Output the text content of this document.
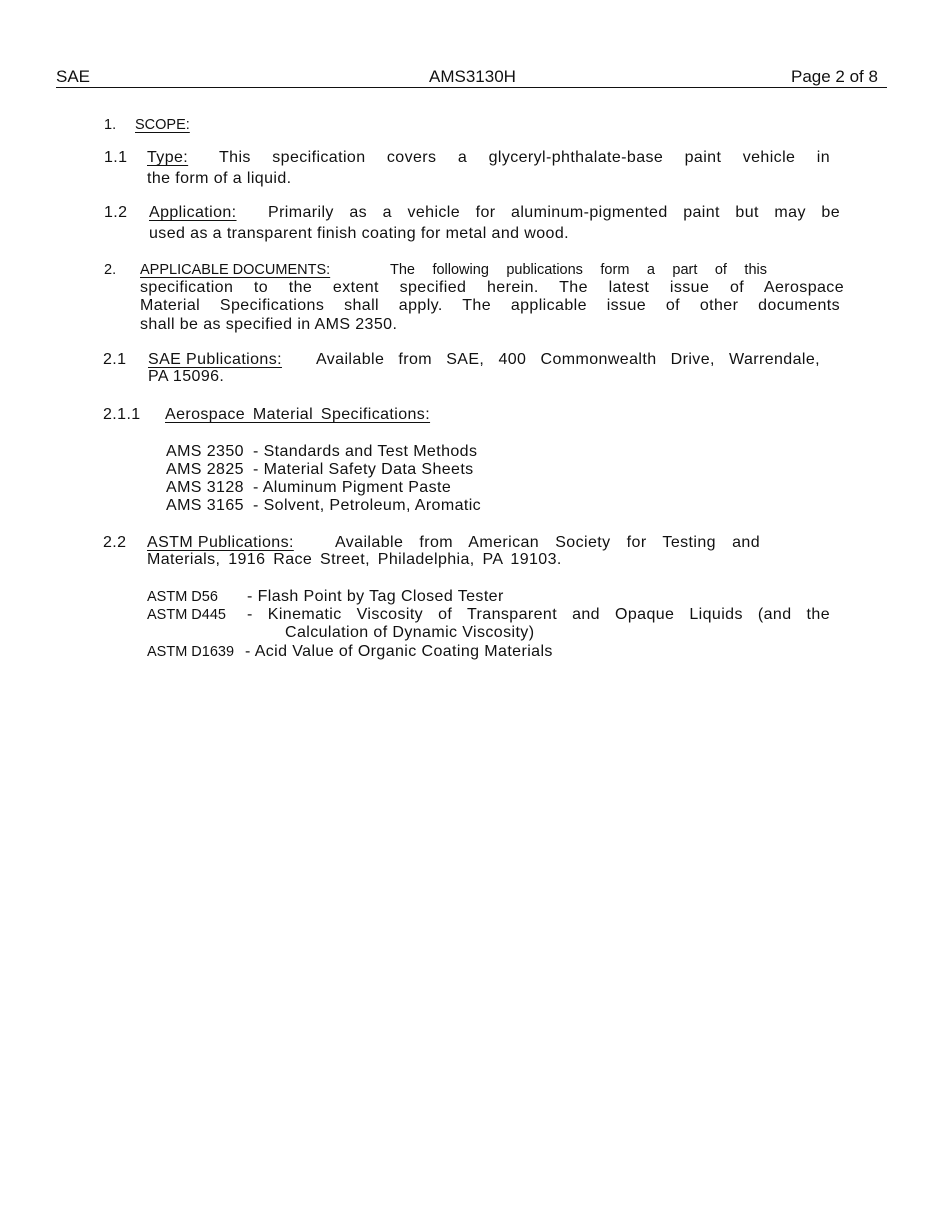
SAE	AMS3130H	Page 2 of 8
1. SCOPE:
1.1 Type: This specification covers a glyceryl-phthalate-base paint vehicle in
the form of a liquid.
1.2 Application: Primarily as a vehicle for aluminum-pigmented paint but may be
used as a transparent finish coating for metal and wood.
2. APPLICABLE DOCUMENTS:	The following publications form a part of this
specification to the extent specified herein. The latest issue of Aerospace
Material Specifications shall apply. The applicable issue of other documents
shall be as specified in AMS 2350.
2.1 SAE Publications: Available from SAE, 400 Commonwealth Drive, Warrendale,
PA 15096.
2.1.1 Aerospace Material Specifications:
AMS 2350 - Standards and Test Methods
AMS 2825 - Material Safety Data Sheets
AMS 3128 - Aluminum Pigment Paste
AMS 3165 - Solvent, Petroleum, Aromatic
2.2 ASTM Publications:	Available from American Society for Testing and
Materials, 1916 Race Street, Philadelphia, PA 19103.
ASTM D56 - Flash Point by Tag Closed Tester
ASTM D445 - Kinematic Viscosity of Transparent and Opaque Liquids (and the
Calculation of Dynamic Viscosity)
ASTM D1639 - Acid Value of Organic Coating Materials
